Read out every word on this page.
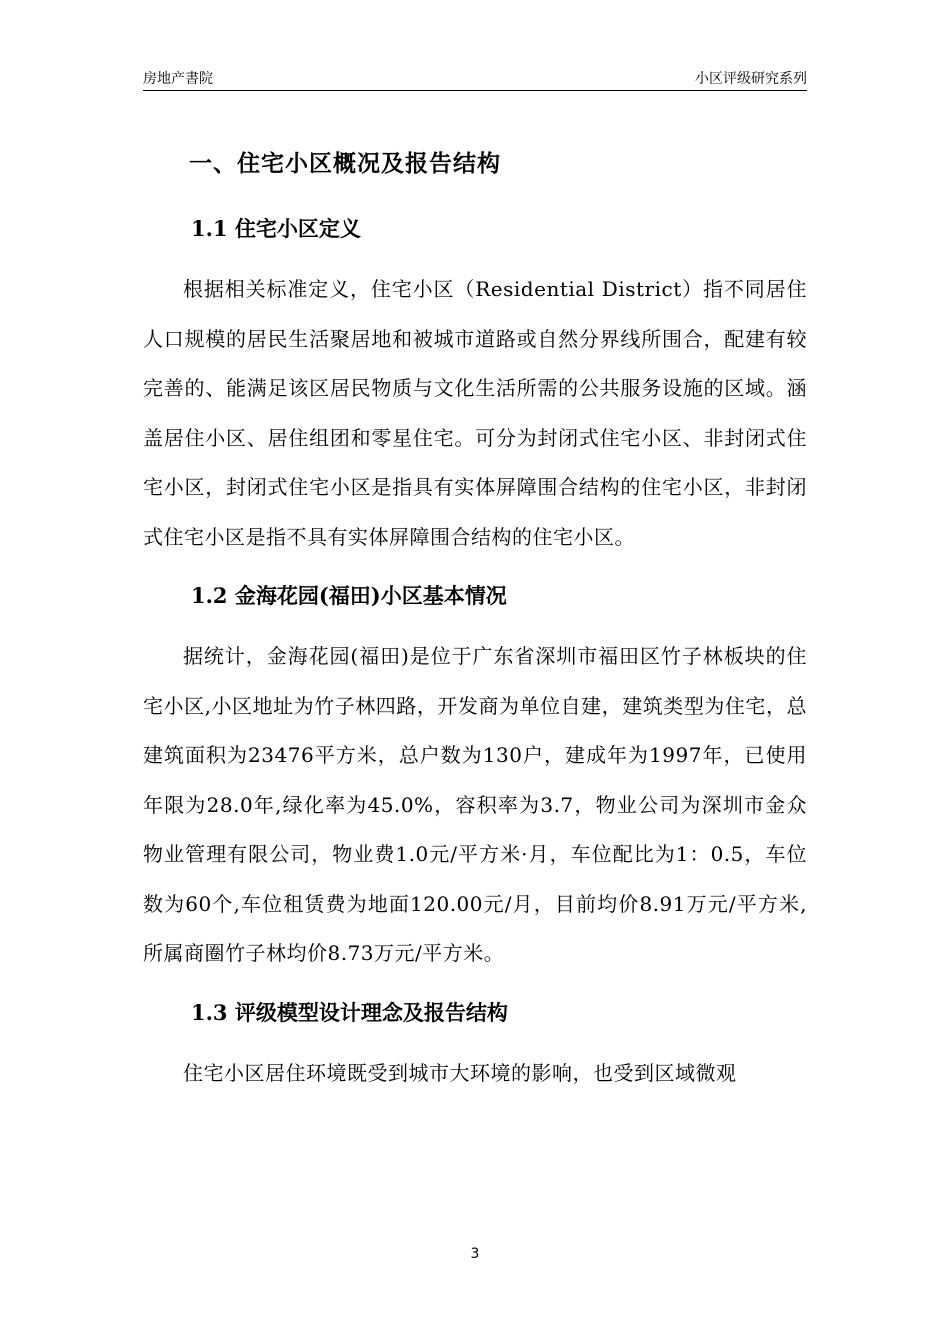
房地产書院	小区评级研究系列
一、住宅小区概况及报告结构
1.1 住宅小区定义

根据相关标准定义，住宅小区（Residential District）指不同居住人口规模的居民生活聚居地和被城市道路或自然分界线所围合，配建有较完善的、能满足该区居民物质与文化生活所需的公共服务设施的区域。涵盖居住小区、居住组团和零星住宅。可分为封闭式住宅小区、非封闭式住宅小区，封闭式住宅小区是指具有实体屏障围合结构的住宅小区，非封闭式住宅小区是指不具有实体屏障围合结构的住宅小区。

1.2 金海花园(福田)小区基本情况

据统计，金海花园(福田)是位于广东省深圳市福田区竹子林板块的住宅小区,小区地址为竹子林四路，开发商为单位自建，建筑类型为住宅，总建筑面积为23476平方米，总户数为130户，建成年为1997年，已使用年限为28.0年,绿化率为45.0%，容积率为3.7，物业公司为深圳市金众物业管理有限公司，物业费1.0元/平方米·月，车位配比为1：0.5，车位数为60个,车位租赁费为地面120.00元/月，目前均价8.91万元/平方米,所属商圈竹子林均价8.73万元/平方米。

1.3 评级模型设计理念及报告结构

住宅小区居住环境既受到城市大环境的影响，也受到区域微观

3
